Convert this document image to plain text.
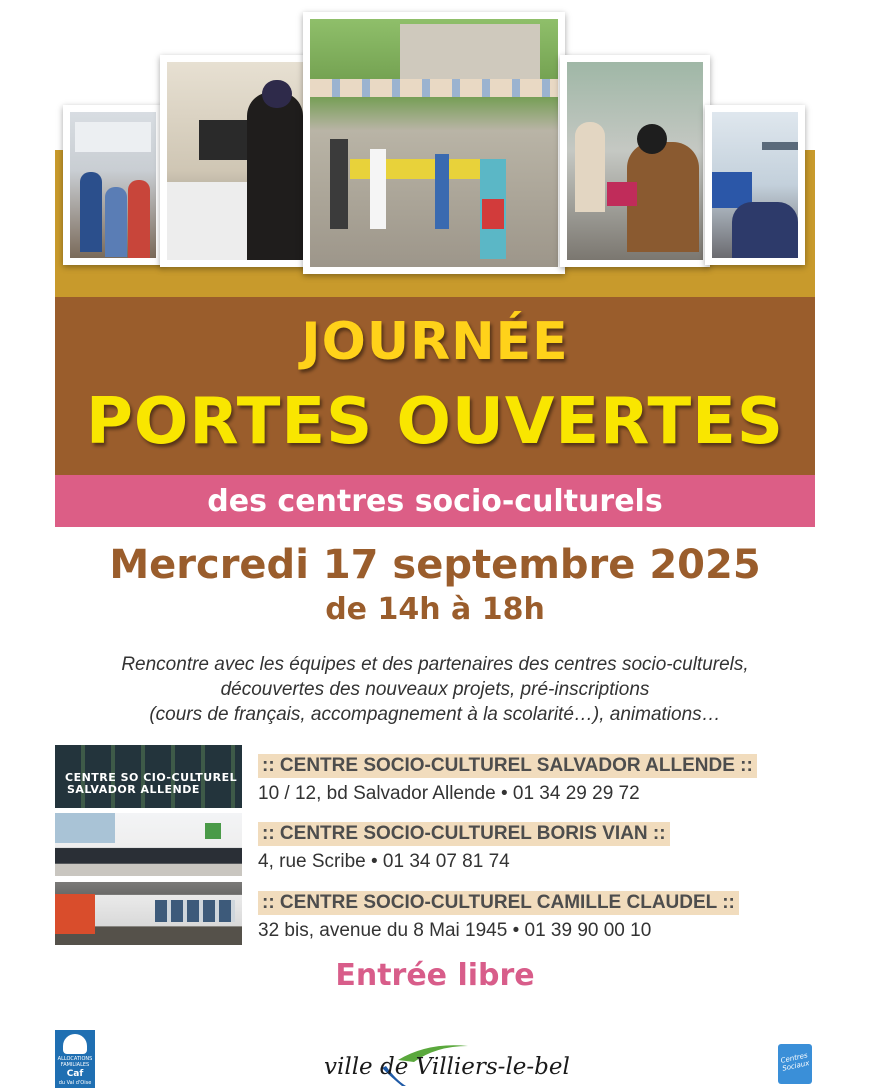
JOURNÉE
PORTES OUVERTES
des centres socio-culturels
Mercredi 17 septembre 2025
de 14h à 18h
Rencontre avec les équipes et des partenaires des centres socio-culturels,
découvertes des nouveaux projets, pré-inscriptions
(cours de français, accompagnement à la scolarité…), animations…
CENTRE SO CIO-CULTUREL
SALVADOR ALLENDE
:: CENTRE SOCIO-CULTUREL SALVADOR ALLENDE ::
10 / 12, bd Salvador Allende • 01 34 29 29 72
:: CENTRE SOCIO-CULTUREL BORIS VIAN ::
4, rue Scribe • 01 34 07 81 74
:: CENTRE SOCIO-CULTUREL CAMILLE CLAUDEL ::
32 bis, avenue du 8 Mai 1945 • 01 39 90 00 10
Entrée libre
ALLOCATIONS FAMILIALES
Caf
du Val d'Oise
ville de Villiers-le-bel	Centres Sociaux
